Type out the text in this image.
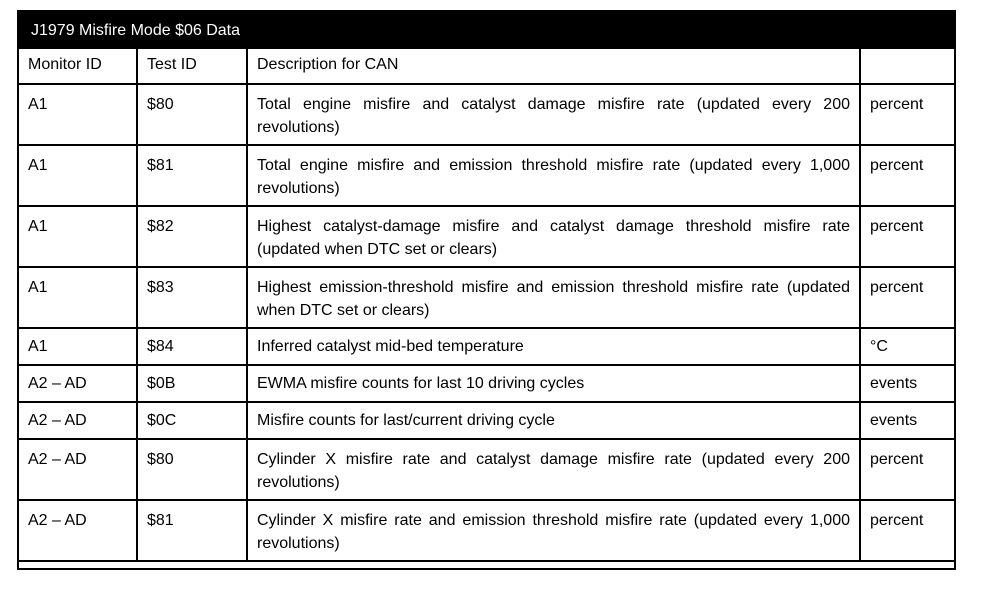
J1979 Misfire Mode $06 Data
Monitor ID	Test ID	Description for CAN	
A1	$80	Total engine misfire and catalyst damage misfire rate (updated every 200 revolutions)	percent
A1	$81	Total engine misfire and emission threshold misfire rate (updated every 1,000 revolutions)	percent
A1	$82	Highest catalyst-damage misfire and catalyst damage threshold misfire rate (updated when DTC set or clears)	percent
A1	$83	Highest emission-threshold misfire and emission threshold misfire rate (updated when DTC set or clears)	percent
A1	$84	Inferred catalyst mid-bed temperature	°C
A2 – AD	$0B	EWMA misfire counts for last 10 driving cycles	events
A2 – AD	$0C	Misfire counts for last/current driving cycle	events
A2 – AD	$80	Cylinder X misfire rate and catalyst damage misfire rate (updated every 200 revolutions)	percent
A2 – AD	$81	Cylinder X misfire rate and emission threshold misfire rate (updated every 1,000 revolutions)	percent
